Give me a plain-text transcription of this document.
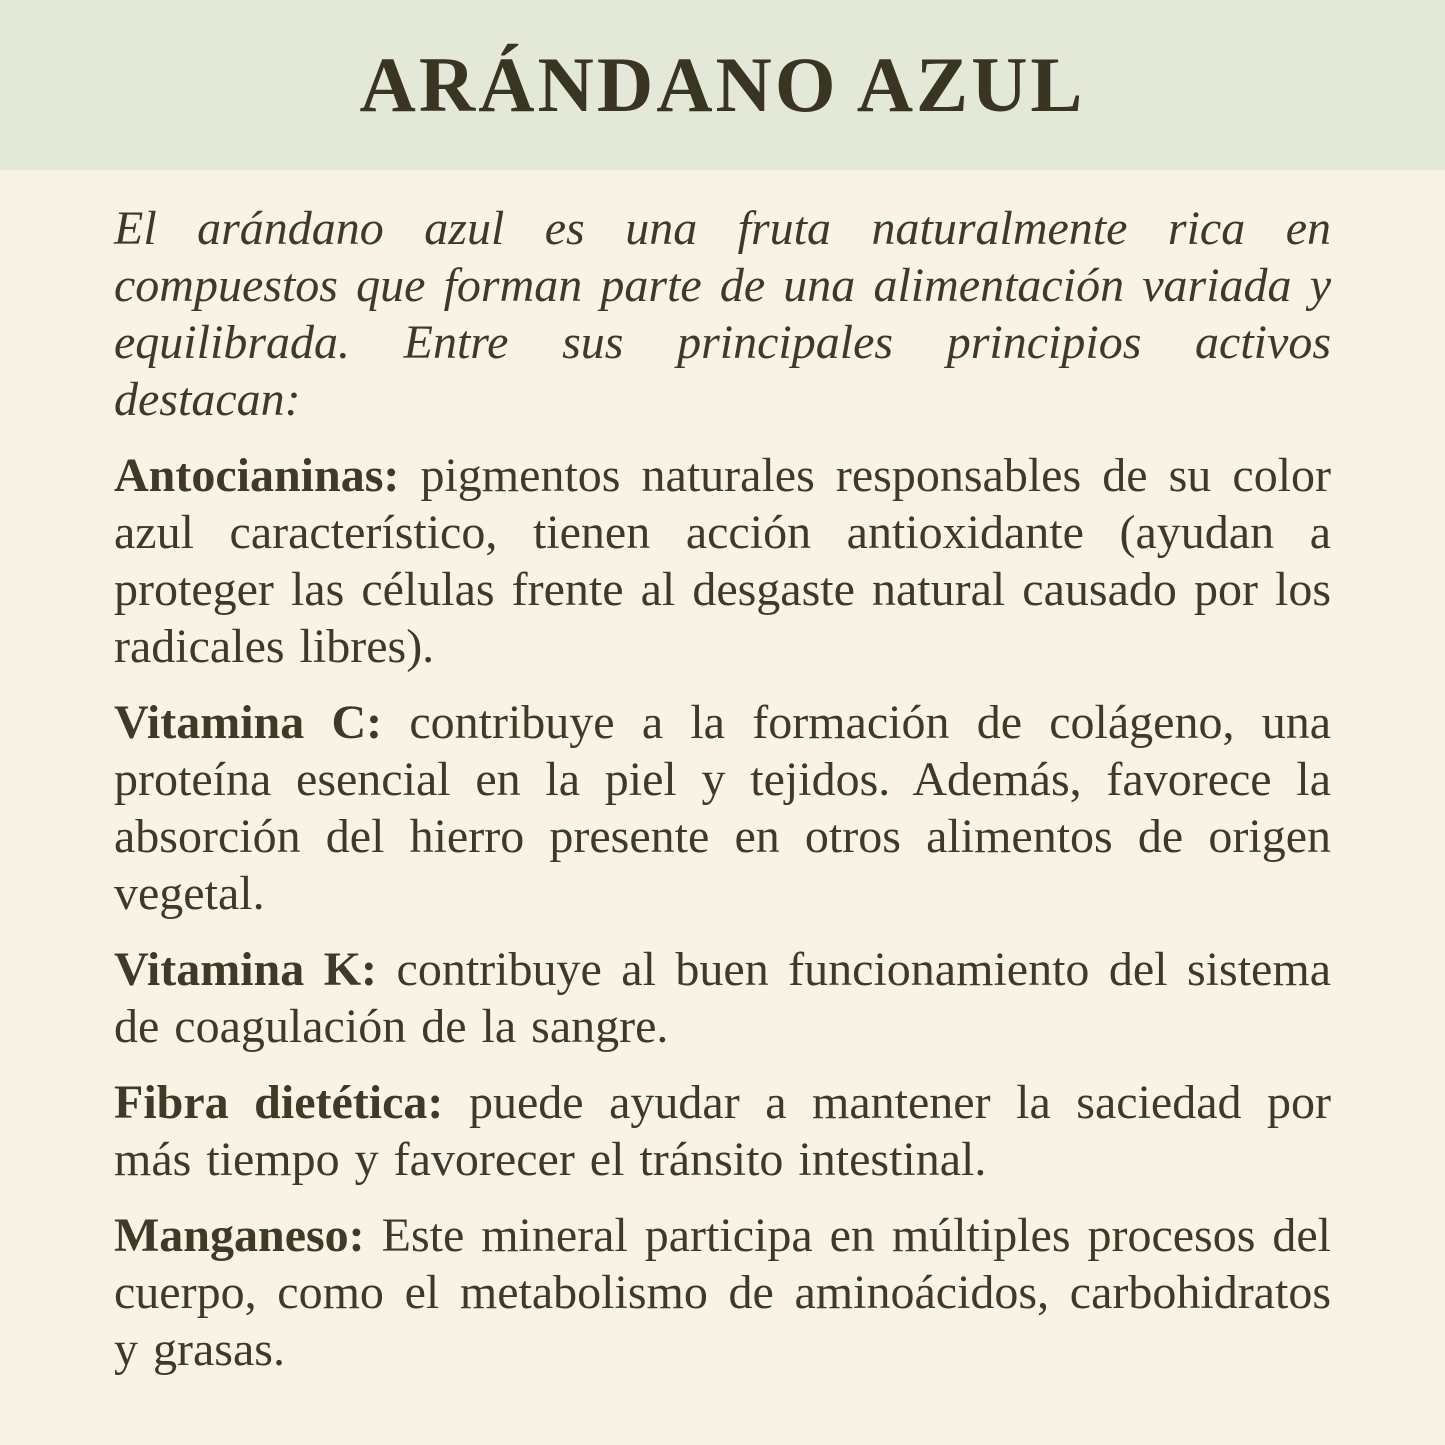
ARÁNDANO AZUL

El arándano azul es una fruta naturalmente rica en compuestos que forman parte de una alimentación variada y equilibrada. Entre sus principales principios activos destacan:

Antocianinas: pigmentos naturales responsables de su color azul característico, tienen acción antioxidante (ayudan a proteger las células frente al desgaste natural causado por los radicales libres).

Vitamina C: contribuye a la formación de colágeno, una proteína esencial en la piel y tejidos. Además, favorece la absorción del hierro presente en otros alimentos de origen vegetal.

Vitamina K: contribuye al buen funcionamiento del sistema de coagulación de la sangre.

Fibra dietética: puede ayudar a mantener la saciedad por más tiempo y favorecer el tránsito intestinal.

Manganeso: Este mineral participa en múltiples procesos del cuerpo, como el metabolismo de aminoácidos, carbohidratos y grasas.
